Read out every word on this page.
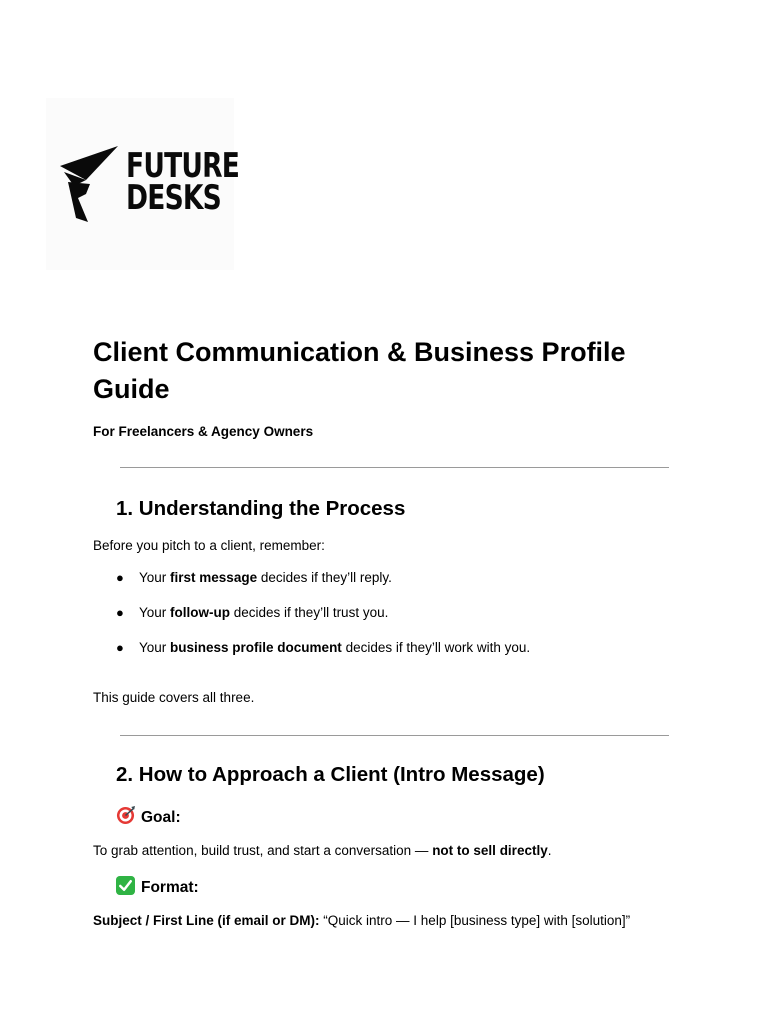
FUTURE
DESKS
Client Communication & Business Profile Guide

For Freelancers & Agency Owners

1. Understanding the Process

Before you pitch to a client, remember:

● Your first message decides if they’ll reply.
● Your follow-up decides if they’ll trust you.
● Your business profile document decides if they’ll work with you.

This guide covers all three.

2. How to Approach a Client (Intro Message)
Goal:

To grab attention, build trust, and start a conversation — not to sell directly.

Format:

Subject / First Line (if email or DM): “Quick intro — I help [business type] with [solution]”
